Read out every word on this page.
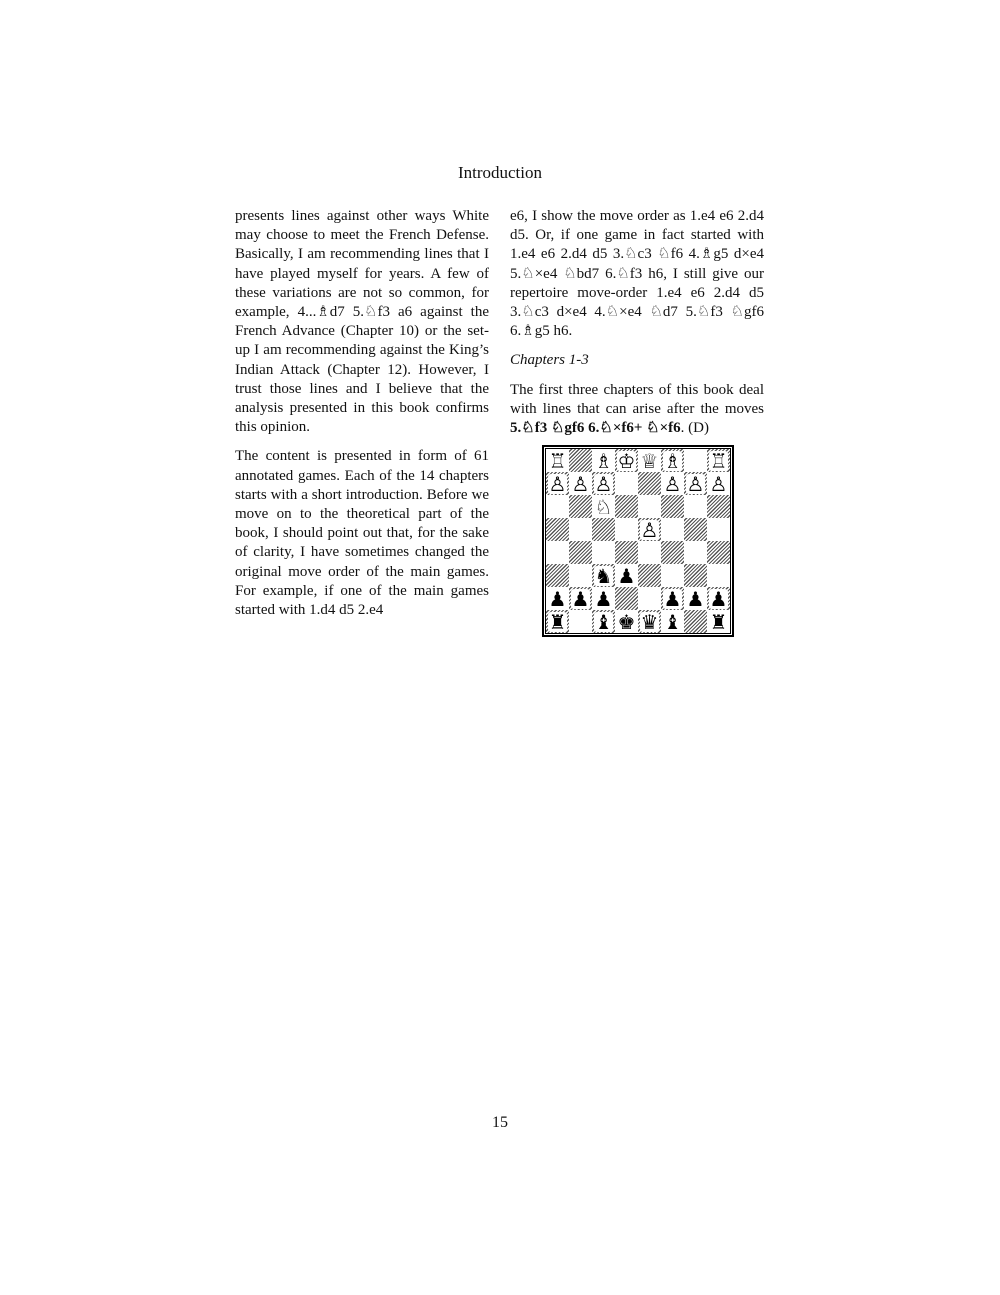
Introduction

presents lines against other ways White may choose to meet the French Defense. Basically, I am recommending lines that I have played myself for years. A few of these variations are not so common, for example, 4...♗d7 5.♘f3 a6 against the French Advance (Chapter 10) or the set-up I am recommending against the King’s Indian Attack (Chapter 12). However, I trust those lines and I believe that the analysis presented in this book confirms this opinion.

The content is presented in form of 61 annotated games. Each of the 14 chapters starts with a short introduction. Before we move on to the theoretical part of the book, I should point out that, for the sake of clarity, I have sometimes changed the original move order of the main games. For example, if one of the main games started with 1.d4 d5 2.e4

e6, I show the move order as 1.e4 e6 2.d4 d5. Or, if one game in fact started with 1.e4 e6 2.d4 d5 3.♘c3 ♘f6 4.♗g5 d×e4 5.♘×e4 ♘bd7 6.♘f3 h6, I still give our repertoire move-order 1.e4 e6 2.d4 d5 3.♘c3 d×e4 4.♘×e4 ♘d7 5.♘f3 ♘gf6 6.♗g5 h6.

Chapters 1-3

The first three chapters of this book deal with lines that can arise after the moves 5.♘f3 ♘gf6 6.♘×f6+ ♘×f6. (D)

♖ ♗ ♔ ♕ ♗ ♖
♙ ♙ ♙	♙ ♙ ♙
♘
♙
♞ ♟
♟ ♟ ♟	♟ ♟ ♟
♜ ♝ ♚ ♛ ♝ ♜
15
